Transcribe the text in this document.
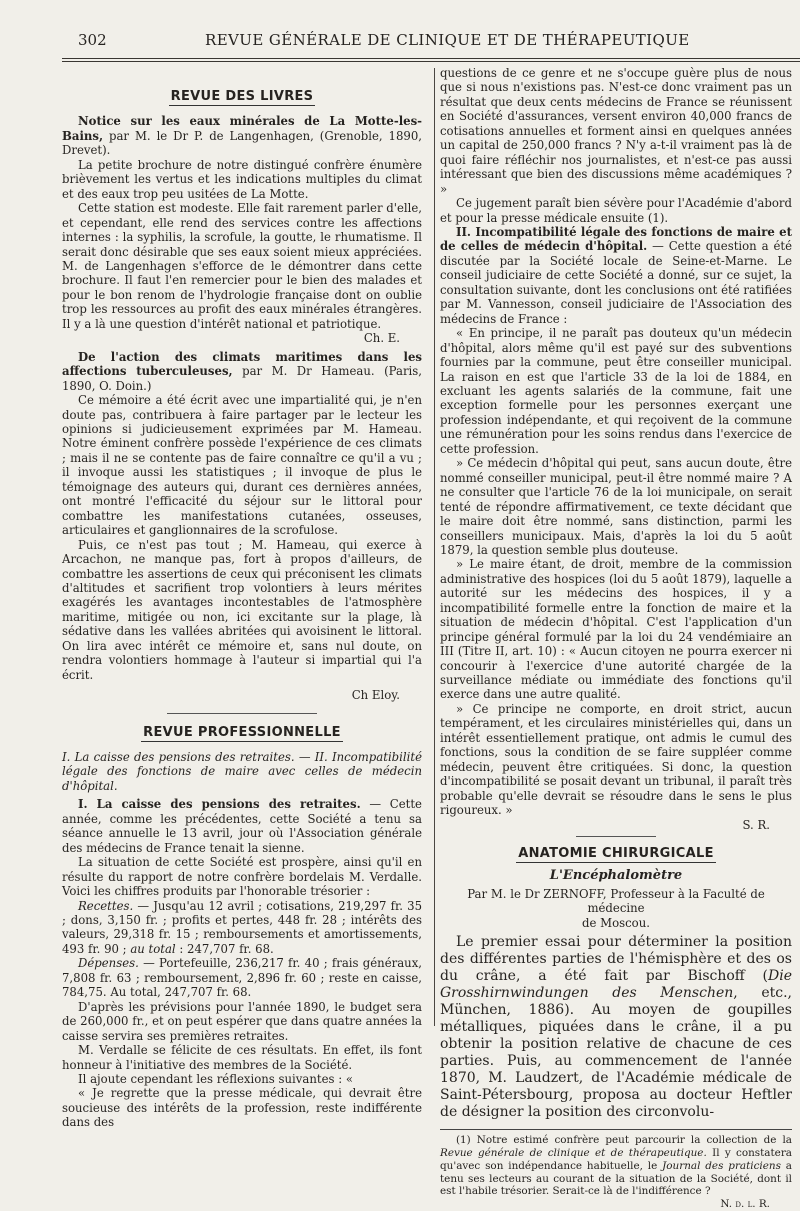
302	REVUE GÉNÉRALE DE CLINIQUE ET DE THÉRAPEUTIQUE
REVUE DES LIVRES

Notice sur les eaux minérales de La Motte-les-Bains, par M. le Dr P. de Langenhagen, (Grenoble, 1890, Drevet).

La petite brochure de notre distingué confrère énumère brièvement les vertus et les indications multiples du climat et des eaux trop peu usitées de La Motte.

Cette station est modeste. Elle fait rarement parler d'elle, et cependant, elle rend des services contre les affections internes : la syphilis, la scrofule, la goutte, le rhumatisme. Il serait donc désirable que ses eaux soient mieux appréciées. M. de Langenhagen s'efforce de le démontrer dans cette brochure. Il faut l'en remercier pour le bien des malades et pour le bon renom de l'hydrologie française dont on oublie trop les ressources au profit des eaux minérales étrangères. Il y a là une question d'intérêt national et patriotique.

Ch. E.

De l'action des climats maritimes dans les affections tuberculeuses, par M. Dr Hameau. (Paris, 1890, O. Doin.)

Ce mémoire a été écrit avec une impartialité qui, je n'en doute pas, contribuera à faire partager par le lecteur les opinions si judicieusement exprimées par M. Hameau. Notre éminent confrère possède l'expérience de ces climats ; mais il ne se contente pas de faire connaître ce qu'il a vu ; il invoque aussi les statistiques ; il invoque de plus le témoignage des auteurs qui, durant ces dernières années, ont montré l'efficacité du séjour sur le littoral pour combattre les manifestations cutanées, osseuses, articulaires et ganglionnaires de la scrofulose.

Puis, ce n'est pas tout ; M. Hameau, qui exerce à Arcachon, ne manque pas, fort à propos d'ailleurs, de combattre les assertions de ceux qui préconisent les climats d'altitudes et sacrifient trop volontiers à leurs mérites exagérés les avantages incontestables de l'atmosphère maritime, mitigée ou non, ici excitante sur la plage, là sédative dans les vallées abritées qui avoisinent le littoral. On lira avec intérêt ce mémoire et, sans nul doute, on rendra volontiers hommage à l'auteur si impartial qui l'a écrit.

Ch Eloy.

REVUE PROFESSIONNELLE

I. La caisse des pensions des retraites. — II. Incompatibilité légale des fonctions de maire avec celles de médecin d'hôpital.

I. La caisse des pensions des retraites. — Cette année, comme les précédentes, cette Société a tenu sa séance annuelle le 13 avril, jour où l'Association générale des médecins de France tenait la sienne.

La situation de cette Société est prospère, ainsi qu'il en résulte du rapport de notre confrère bordelais M. Verdalle. Voici les chiffres produits par l'honorable trésorier :

Recettes. — Jusqu'au 12 avril ; cotisations, 219,297 fr. 35 ; dons, 3,150 fr. ; profits et pertes, 448 fr. 28 ; intérêts des valeurs, 29,318 fr. 15 ; remboursements et amortissements, 493 fr. 90 ; au total : 247,707 fr. 68.

Dépenses. — Portefeuille, 236,217 fr. 40 ; frais généraux, 7,808 fr. 63 ; remboursement, 2,896 fr. 60 ; reste en caisse, 784,75. Au total, 247,707 fr. 68.

D'après les prévisions pour l'année 1890, le budget sera de 260,000 fr., et on peut espérer que dans quatre années la caisse servira ses premières retraites.

M. Verdalle se félicite de ces résultats. En effet, ils font honneur à l'initiative des membres de la Société.

Il ajoute cependant les réflexions suivantes : «

« Je regrette que la presse médicale, qui devrait être soucieuse des intérêts de la profession, reste indifférente dans des

questions de ce genre et ne s'occupe guère plus de nous que si nous n'existions pas. N'est-ce donc vraiment pas un résultat que deux cents médecins de France se réunissent en Société d'assurances, versent environ 40,000 francs de cotisations annuelles et forment ainsi en quelques années un capital de 250,000 francs ? N'y a-t-il vraiment pas là de quoi faire réfléchir nos journalistes, et n'est-ce pas aussi intéressant que bien des discussions même académiques ? »

Ce jugement paraît bien sévère pour l'Académie d'abord et pour la presse médicale ensuite (1).

II. Incompatibilité légale des fonctions de maire et de celles de médecin d'hôpital. — Cette question a été discutée par la Société locale de Seine-et-Marne. Le conseil judiciaire de cette Société a donné, sur ce sujet, la consultation suivante, dont les conclusions ont été ratifiées par M. Vannesson, conseil judiciaire de l'Association des médecins de France :

« En principe, il ne paraît pas douteux qu'un médecin d'hôpital, alors même qu'il est payé sur des subventions fournies par la commune, peut être conseiller municipal. La raison en est que l'article 33 de la loi de 1884, en excluant les agents salariés de la commune, fait une exception formelle pour les personnes exerçant une profession indépendante, et qui reçoivent de la commune une rémunération pour les soins rendus dans l'exercice de cette profession.

» Ce médecin d'hôpital qui peut, sans aucun doute, être nommé conseiller municipal, peut-il être nommé maire ? A ne consulter que l'article 76 de la loi municipale, on serait tenté de répondre affirmativement, ce texte décidant que le maire doit être nommé, sans distinction, parmi les conseillers municipaux. Mais, d'après la loi du 5 août 1879, la question semble plus douteuse.

» Le maire étant, de droit, membre de la commission administrative des hospices (loi du 5 août 1879), laquelle a autorité sur les médecins des hospices, il y a incompatibilité formelle entre la fonction de maire et la situation de médecin d'hôpital. C'est l'application d'un principe général formulé par la loi du 24 vendémiaire an III (Titre II, art. 10) : « Aucun citoyen ne pourra exercer ni concourir à l'exercice d'une autorité chargée de la surveillance médiate ou immédiate des fonctions qu'il exerce dans une autre qualité.

» Ce principe ne comporte, en droit strict, aucun tempérament, et les circulaires ministérielles qui, dans un intérêt essentiellement pratique, ont admis le cumul des fonctions, sous la condition de se faire suppléer comme médecin, peuvent être critiquées. Si donc, la question d'incompatibilité se posait devant un tribunal, il paraît très probable qu'elle devrait se résoudre dans le sens le plus rigoureux. »

S. R.

ANATOMIE CHIRURGICALE
L'Encéphalomètre

Par M. le Dr ZERNOFF, Professeur à la Faculté de médecine

de Moscou.

Le premier essai pour déterminer la position des différentes parties de l'hémisphère et des os du crâne, a été fait par Bischoff (Die Grosshirnwindungen des Menschen, etc., München, 1886). Au moyen de goupilles métalliques, piquées dans le crâne, il a pu obtenir la position relative de chacune de ces parties. Puis, au commencement de l'année 1870, M. Laudzert, de l'Académie médicale de Saint-Pétersbourg, proposa au docteur Heftler de désigner la position des circonvolu-

(1) Notre estimé confrère peut parcourir la collection de la Revue générale de clinique et de thérapeutique. Il y constatera qu'avec son indépendance habituelle, le Journal des praticiens a tenu ses lecteurs au courant de la situation de la Société, dont il est l'habile trésorier. Serait-ce là de l'indifférence ?

N. d. l. R.
